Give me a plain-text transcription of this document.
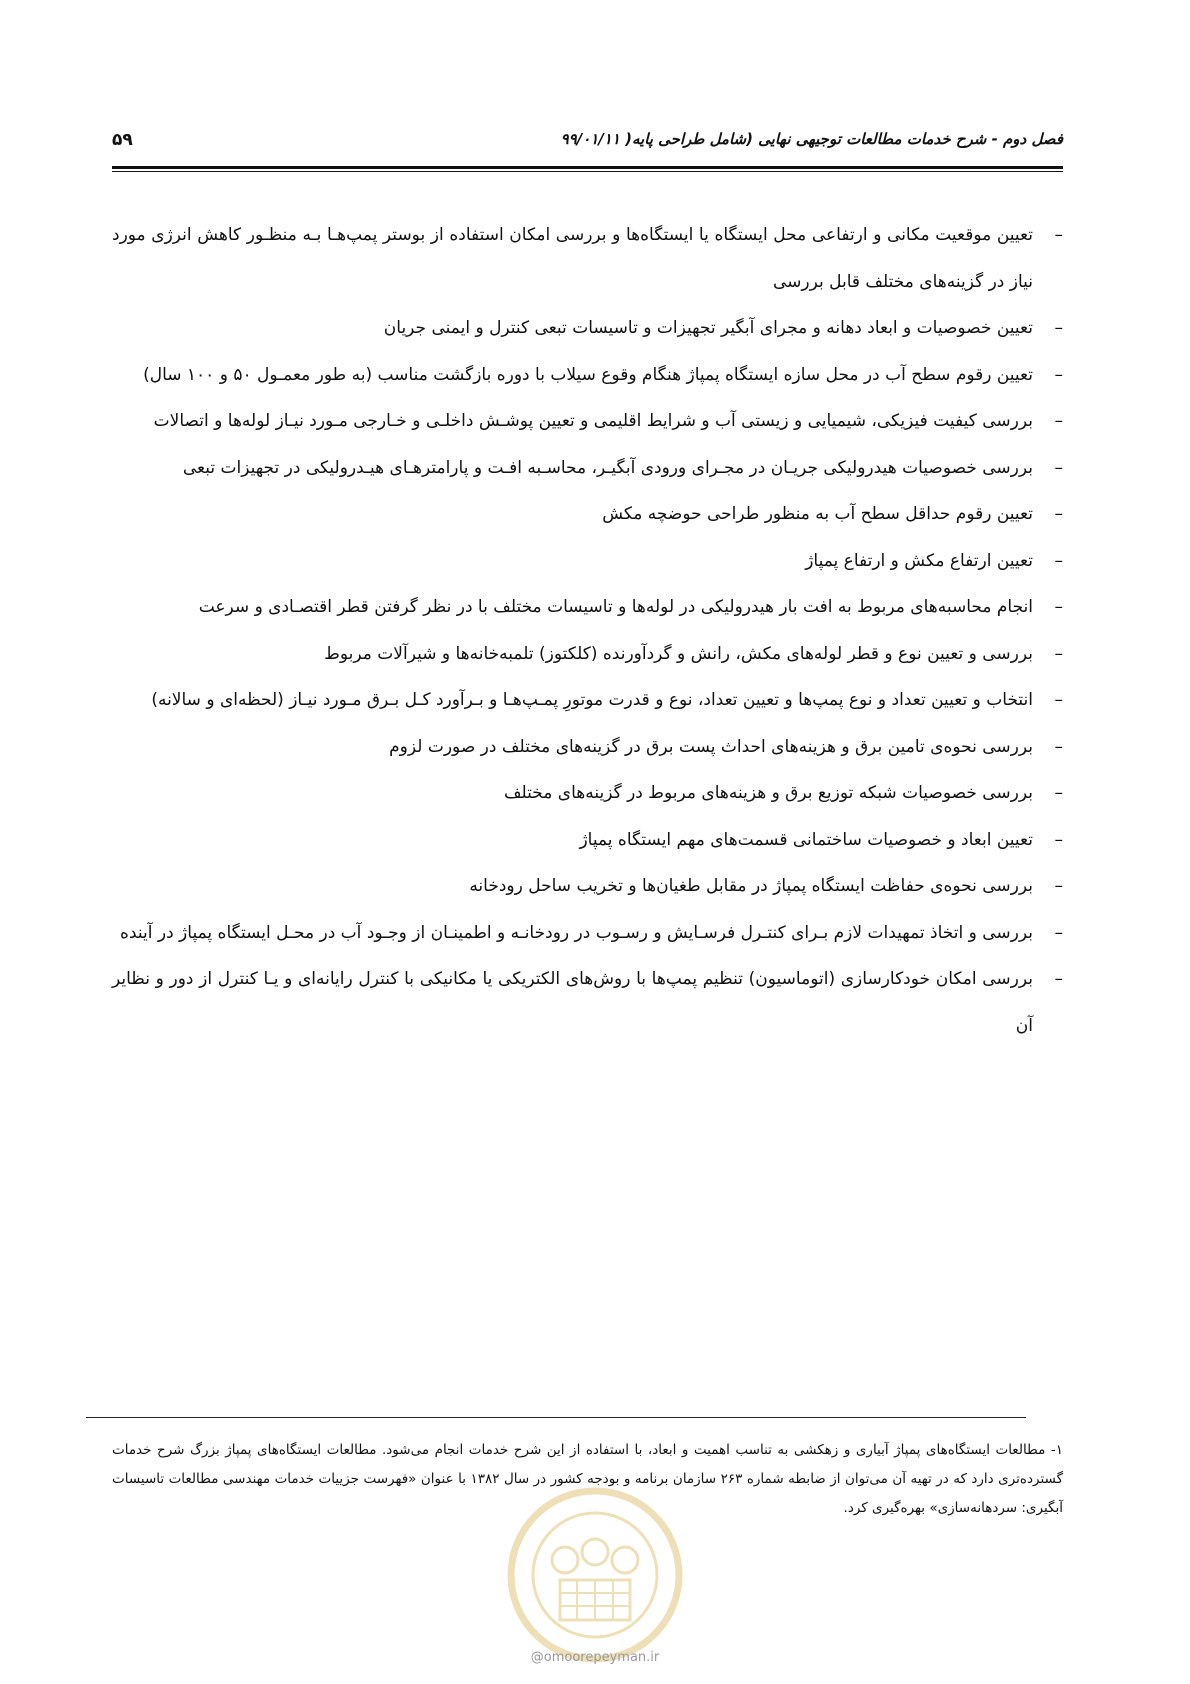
فصل دوم - شرح خدمات مطالعات توجیهی نهایی (شامل طراحی پایه( ۹۹/۰۱/۱۱
۵۹
–
تعیین موقعیت مکانی و ارتفاعی محل ایستگاه یا ایستگاه‌ها و بررسی امکان استفاده از بوستر پمپ‌هـا بـه منظـور کاهش انرژی مورد نیاز در گزینه‌های مختلف قابل بررسی
–
تعیین خصوصیات و ابعاد دهانه و مجرای آبگیر تجهیزات و تاسیسات تبعی کنترل و ایمنی جریان
–
تعیین رقوم سطح آب در محل سازه ایستگاه پمپاژ هنگام وقوع سیلاب با دوره بازگشت مناسب (به طور معمـول ۵۰ و ۱۰۰ سال)
–
بررسی کیفیت فیزیکی، شیمیایی و زیستی آب و شرایط اقلیمی و تعیین پوشـش داخلـی و خـارجی مـورد نیـاز لوله‌ها و اتصالات
–
بررسی خصوصیات هیدرولیکی جریـان در مجـرای ورودی آبگیـر، محاسـبه افـت و پارامترهـای هیـدرولیکی در تجهیزات تبعی
–
تعیین رقوم حداقل سطح آب به منظور طراحی حوضچه مکش
–
تعیین ارتفاع مکش و ارتفاع پمپاژ
–
انجام محاسبه‌های مربوط به افت بار هیدرولیکی در لوله‌ها و تاسیسات مختلف با در نظر گرفتن قطر اقتصـادی و سرعت
–
بررسی و تعیین نوع و قطر لوله‌های مکش، رانش و گردآورنده (کلکتوز) تلمبه‌خانه‌ها و شیرآلات مربوط
–
انتخاب و تعیین تعداد و نوع پمپ‌ها و تعیین تعداد، نوع و قدرت موتورِ پمـپ‌هـا و بـرآورد کـل بـرق مـورد نیـاز (لحظه‌ای و سالانه)
–
بررسی نحوه‌ی تامین برق و هزینه‌های احداث پست برق در گزینه‌های مختلف در صورت لزوم
–
بررسی خصوصیات شبکه توزیع برق و هزینه‌های مربوط در گزینه‌های مختلف
–
تعیین ابعاد و خصوصیات ساختمانی قسمت‌های مهم ایستگاه پمپاژ
–
بررسی نحوه‌ی حفاظت ایستگاه پمپاژ در مقابل طغیان‌ها و تخریب ساحل رودخانه
–
بررسی و اتخاذ تمهیدات لازم بـرای کنتـرل فرسـایش و رسـوب در رودخانـه و اطمینـان از وجـود آب در محـل ایستگاه پمپاژ در آینده
–
بررسی امکان خودکارسازی (اتوماسیون) تنظیم پمپ‌ها با روش‌های الکتریکی یا مکانیکی با کنترل رایانه‌ای و یـا کنترل از دور و نظایر آن

۱- مطالعات ایستگاه‌های پمپاژ آبیاری و زهکشی به تناسب اهمیت و ابعاد، با استفاده از این شرح خدمات انجام می‌شود. مطالعات ایستگاه‌های پمپاژ بزرگ شرح خدمات گسترده‌تری دارد که در تهیه آن می‌توان از ضابطه شماره ۲۶۳ سازمان برنامه و بودجه کشور در سال ۱۳۸۲ با عنوان «فهرست جزییات خدمات مهندسی مطالعات تاسیسات آبگیری: سردهانه‌سازی» بهره‌گیری کرد.

@omoorepeyman.ir
